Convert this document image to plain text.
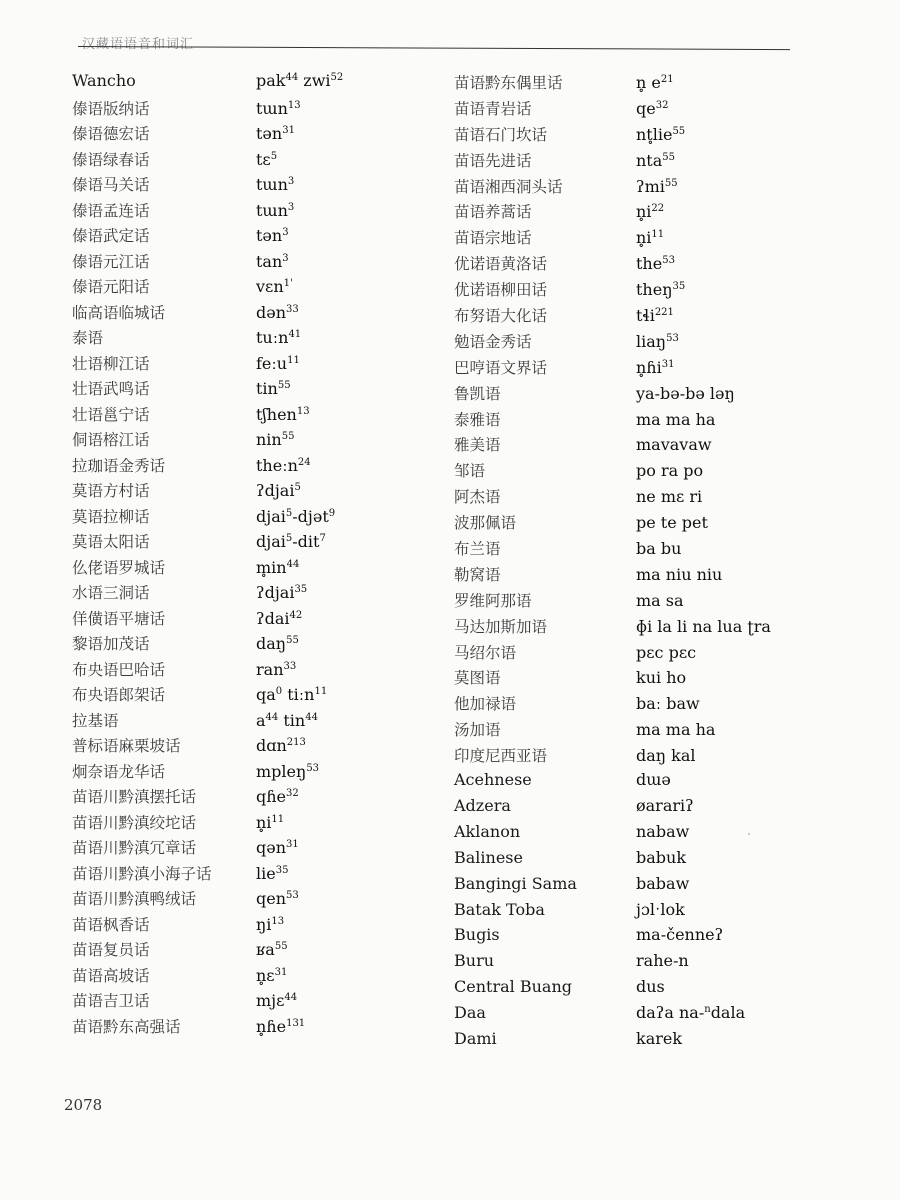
汉藏语语音和词汇
Wancho	pak$^{44}$ zwi$^{52}$
傣语版纳话	tɯn$^{13}$
傣语德宏话	tən$^{31}$
傣语绿春话	tɛ$^5$
傣语马关话	tɯn$^3$
傣语孟连话	tɯn$^3$
傣语武定话	tən$^3$
傣语元江话	$\tan^3$
傣语元阳话	vɛn$^{1'}$
临高语临城话	dən$^{33}$
泰语	tuːn$^{41}$
壮语柳江话	feːu$^{11}$
壮语武鸣话	tin$^{55}$
壮语邕宁话	tʃhen$^{13}$
侗语榕江话	nin$^{55}$
拉珈语金秀话	theːn$^{24}$
莫语方村话	ʔdjai$^5$
莫语拉柳话	djai$^5$-djət$^9$
莫语太阳话	djai$^5$-dit$^7$
仫佬语罗城话	$m̥in^{44}$
水语三洞话	ʔdjai$^{35}$
佯僙语平塘话	ʔdai$^{42}$
黎语加茂话	daŋ$^{55}$
布央语巴哈话	ran$^{33}$
布央语郎架话	$qa^0$ tiːn$^{11}$
拉基语	$a^{44}$ tin$^{44}$
普标语麻栗坡话	dɑn$^{213}$
炯奈语龙华话	mpleŋ$^{53}$
苗语川黔滇摆托话	qɦe$^{32}$
苗语川黔滇绞坨话	$n̥i^{11}$
苗语川黔滇冗章话	qən$^{31}$
苗语川黔滇小海子话	lie$^{35}$
苗语川黔滇鸭绒话	qen$^{53}$
苗语枫香话	$ŋi^{13}$
苗语复员话	ʁa$^{55}$
苗语高坡话	n̥ɛ$^{31}$
苗语吉卫话	mjɛ$^{44}$
苗语黔东高强话	n̥ɦe$^{131}$
苗语黔东偶里话	n̥ $e^{21}$
苗语青岩话	$qe^{32}$
苗语石门坎话	nt̥lie$^{55}$
苗语先进话	nta$^{55}$
苗语湘西洞头话	ʔmi$^{55}$
苗语养蒿话	$n̥i^{22}$
苗语宗地话	$n̥i^{11}$
优诺语黄洛话	the$^{53}$
优诺语柳田话	theŋ$^{35}$
布努语大化话	tɬi$^{221}$
勉语金秀话	liaŋ$^{53}$
巴哼语文界话	n̥ɦi$^{31}$
鲁凯语	ya-bə-bə ləŋ
泰雅语	ma ma ha
雅美语	mavavaw
邹语	po ra po
阿杰语	ne mɛ ri
波那佩语	pe te pet
布兰语	ba bu
勒窝语	ma niu niu
罗维阿那语	ma sa
马达加斯加语	ɸi la li na lua ʈra
马绍尔语	pɛc pɛc
莫图语	kui ho
他加禄语	baː baw
汤加语	ma ma ha
印度尼西亚语	daŋ kal
Acehnese	dɯə
Adzera	øarariʔ
Aklanon	nabaw
Balinese	babuk
Bangingi Sama	babaw
Batak Toba	jɔlˑlok
Bugis	ma-čenneʔ
Buru	rahe-n
Central Buang	dus
Daa	daʔa na-$^n$dala
Dami	karek
2078
